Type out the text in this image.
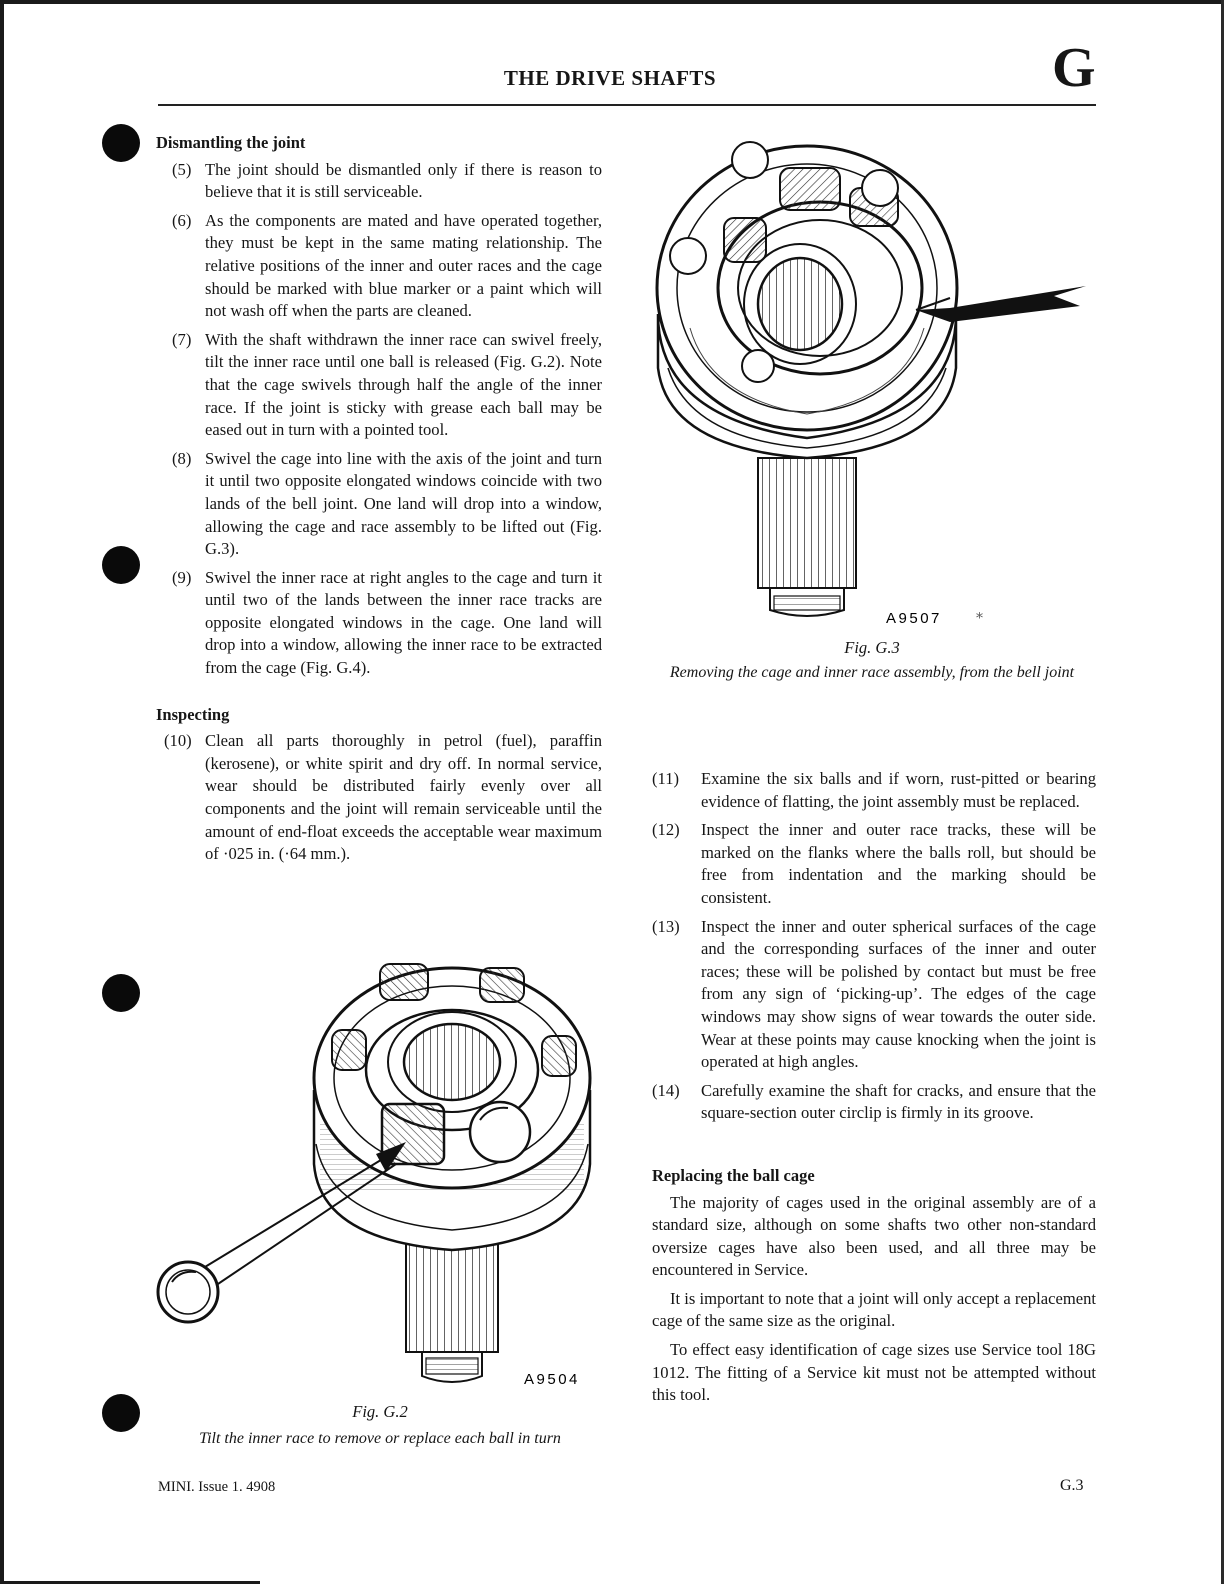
THE DRIVE SHAFTS	G

Dismantling the joint

(5) The joint should be dismantled only if there is reason to believe that it is still serviceable.

(6) As the components are mated and have operated together, they must be kept in the same mating relationship. The relative positions of the inner and outer races and the cage should be marked with blue marker or a paint which will not wash off when the parts are cleaned.

(7) With the shaft withdrawn the inner race can swivel freely, tilt the inner race until one ball is released (Fig. G.2). Note that the cage swivels through half the angle of the inner race. If the joint is sticky with grease each ball may be eased out in turn with a pointed tool.

(8) Swivel the cage into line with the axis of the joint and turn it until two opposite elongated windows coincide with two lands of the bell joint. One land will drop into a window, allowing the cage and race assembly to be lifted out (Fig. G.3).

(9) Swivel the inner race at right angles to the cage and turn it until two of the lands between the inner race tracks are opposite elongated windows in the cage. One land will drop into a window, allowing the inner race to be extracted from the cage (Fig. G.4).

Inspecting

(10) Clean all parts thoroughly in petrol (fuel), paraffin (kerosene), or white spirit and dry off. In normal service, wear should be distributed fairly evenly over all components and the joint will remain serviceable until the amount of end-float exceeds the acceptable wear maximum of ·025 in. (·64 mm.).

A9507 ⁎
Fig. G.3
Removing the cage and inner race assembly, from the bell joint

(11) Examine the six balls and if worn, rust-pitted or bearing evidence of flatting, the joint assembly must be replaced.

(12) Inspect the inner and outer race tracks, these will be marked on the flanks where the balls roll, but should be free from indentation and the marking should be consistent.

(13) Inspect the inner and outer spherical surfaces of the cage and the corresponding surfaces of the inner and outer races; these will be polished by contact but must be free from any sign of ‘picking-up’. The edges of the cage windows may show signs of wear towards the outer side. Wear at these points may cause knocking when the joint is operated at high angles.

(14) Carefully examine the shaft for cracks, and ensure that the square-section outer circlip is firmly in its groove.

Replacing the ball cage

The majority of cages used in the original assembly are of a standard size, although on some shafts two other non-standard oversize cages have also been used, and all three may be encountered in Service.

It is important to note that a joint will only accept a replacement cage of the same size as the original.

To effect easy identification of cage sizes use Service tool 18G 1012. The fitting of a Service kit must not be attempted without this tool.

A9504
Fig. G.2
Tilt the inner race to remove or replace each ball in turn
MINI. Issue 1. 4908	G.3
